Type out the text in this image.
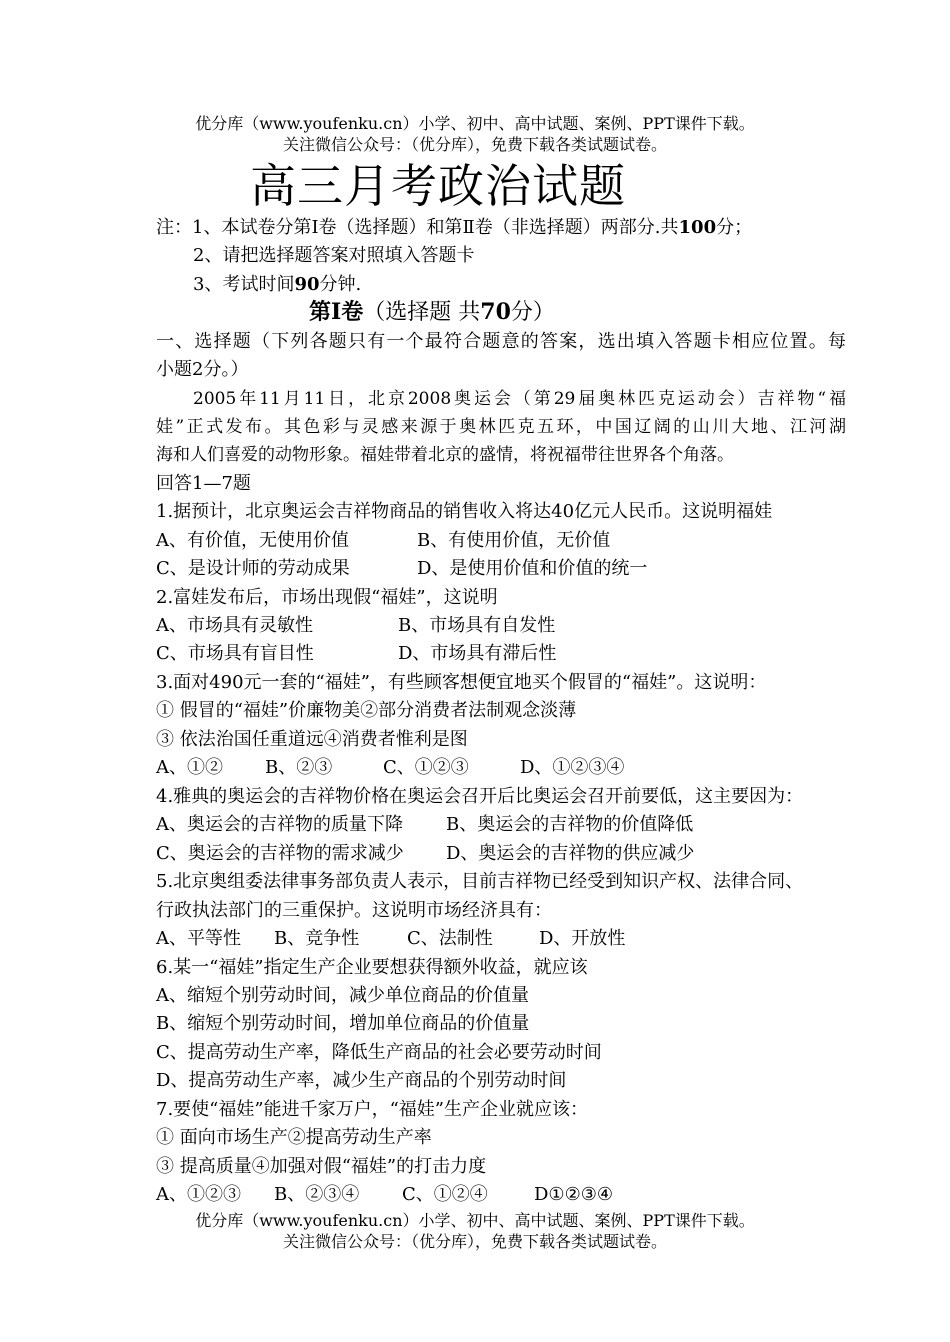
优分库（www.youfenku.cn）小学、初中、高中试题、案例、PPT课件下载。
关注微信公众号：（优分库），免费下载各类试题试卷。
高三月考政治试题
注：1、本试卷分第Ⅰ卷（选择题）和第Ⅱ卷（非选择题）两部分.共100分；
2、请把选择题答案对照填入答题卡
3、考试时间90分钟.
第Ⅰ卷（选择题 共70分）
一、选择题（下列各题只有一个最符合题意的答案，选出填入答题卡相应位置。每
小题2分。）
2005年11月11日，北京2008奥运会（第29届奥林匹克运动会）吉祥物“福
娃”正式发布。其色彩与灵感来源于奥林匹克五环，中国辽阔的山川大地、江河湖
海和人们喜爱的动物形象。福娃带着北京的盛情，将祝福带往世界各个角落。
回答1—7题
1.据预计，北京奥运会吉祥物商品的销售收入将达40亿元人民币。这说明福娃
A、有价值，无使用价值	B、有使用价值，无价值
C、是设计师的劳动成果	D、是使用价值和价值的统一
2.富娃发布后，市场出现假“福娃”，这说明
A、市场具有灵敏性	B、市场具有自发性
C、市场具有盲目性	D、市场具有滞后性
3.面对490元一套的“福娃”，有些顾客想便宜地买个假冒的“福娃”。这说明：
① 假冒的“福娃”价廉物美②部分消费者法制观念淡薄
③ 依法治国任重道远④消费者惟利是图
A、①② B、②③	C、①②③	D、①②③④
4.雅典的奥运会的吉祥物价格在奥运会召开后比奥运会召开前要低，这主要因为：
A、奥运会的吉祥物的质量下降 B、奥运会的吉祥物的价值降低
C、奥运会的吉祥物的需求减少 D、奥运会的吉祥物的供应减少
5.北京奥组委法律事务部负责人表示，目前吉祥物已经受到知识产权、法律合同、
行政执法部门的三重保护。这说明市场经济具有：
A、平等性 B、竞争性	C、法制性	D、开放性
6.某一“福娃”指定生产企业要想获得额外收益，就应该
A、缩短个别劳动时间，减少单位商品的价值量
B、缩短个别劳动时间，增加单位商品的价值量
C、提高劳动生产率，降低生产商品的社会必要劳动时间
D、提高劳动生产率，减少生产商品的个别劳动时间
7.要使“福娃”能进千家万户，“福娃”生产企业就应该：
① 面向市场生产②提高劳动生产率
③ 提高质量④加强对假“福娃”的打击力度
A、①②③ B、②③④ C、①②④	D①②③④
优分库（www.youfenku.cn）小学、初中、高中试题、案例、PPT课件下载。
关注微信公众号：（优分库），免费下载各类试题试卷。
